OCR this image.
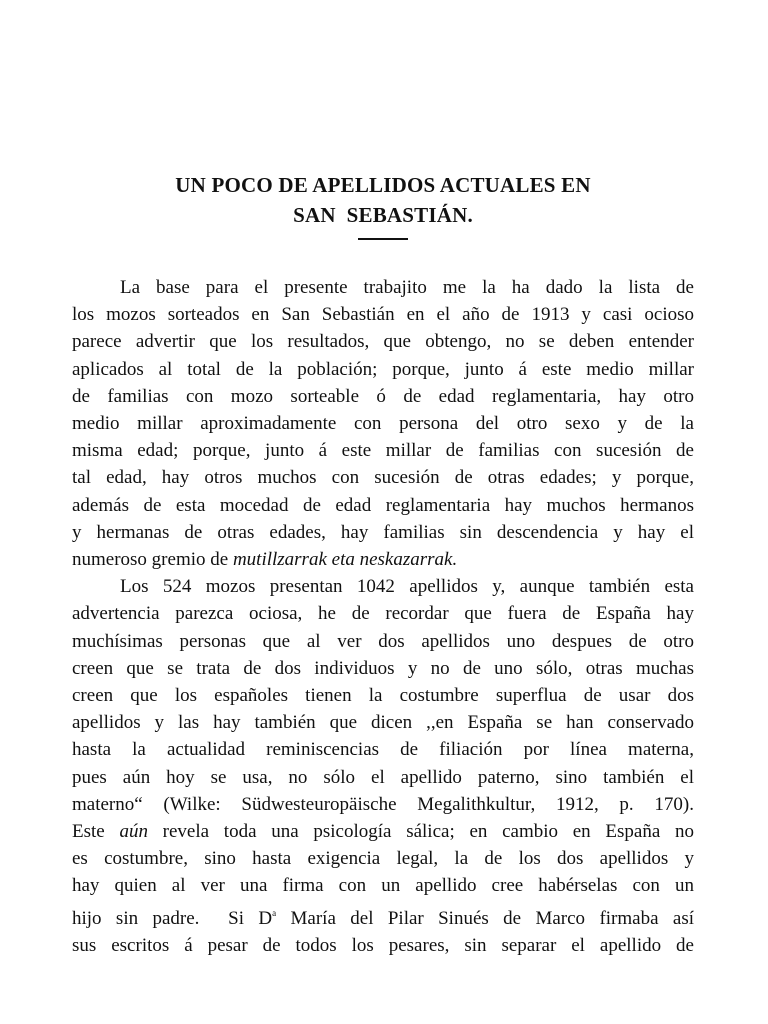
UN POCO DE APELLIDOS ACTUALES EN
SAN  SEBASTIÁN.
La base para el presente trabajito me la ha dado la lista de
los mozos sorteados en San Sebastián en el año de 1913 y casi ocioso
parece advertir que los resultados, que obtengo, no se deben entender
aplicados al total de la población; porque, junto á este medio millar
de familias con mozo sorteable ó de edad reglamentaria, hay otro
medio millar aproximadamente con persona del otro sexo y de la
misma edad; porque, junto á este millar de familias con sucesión de
tal edad, hay otros muchos con sucesión de otras edades; y porque,
además de esta mocedad de edad reglamentaria hay muchos hermanos
y hermanas de otras edades, hay familias sin descendencia y hay el
numeroso gremio de mutillzarrak eta neskazarrak.
Los 524 mozos presentan 1042 apellidos y, aunque también esta
advertencia parezca ociosa, he de recordar que fuera de España hay
muchísimas personas que al ver dos apellidos uno despues de otro
creen que se trata de dos individuos y no de uno sólo, otras muchas
creen que los españoles tienen la costumbre superflua de usar dos
apellidos y las hay también que dicen ,,en España se han conservado
hasta la actualidad reminiscencias de filiación por línea materna,
pues aún hoy se usa, no sólo el apellido paterno, sino también el
materno“ (Wilke: Südwesteuropäische Megalithkultur, 1912, p. 170).
Este aún revela toda una psicología sálica; en cambio en España no
es costumbre, sino hasta exigencia legal, la de los dos apellidos y
hay quien al ver una firma con un apellido cree habérselas con un
hijo sin padre.  Si $D^a$ María del Pilar Sinués de Marco firmaba así
sus escritos á pesar de todos los pesares, sin separar el apellido de
